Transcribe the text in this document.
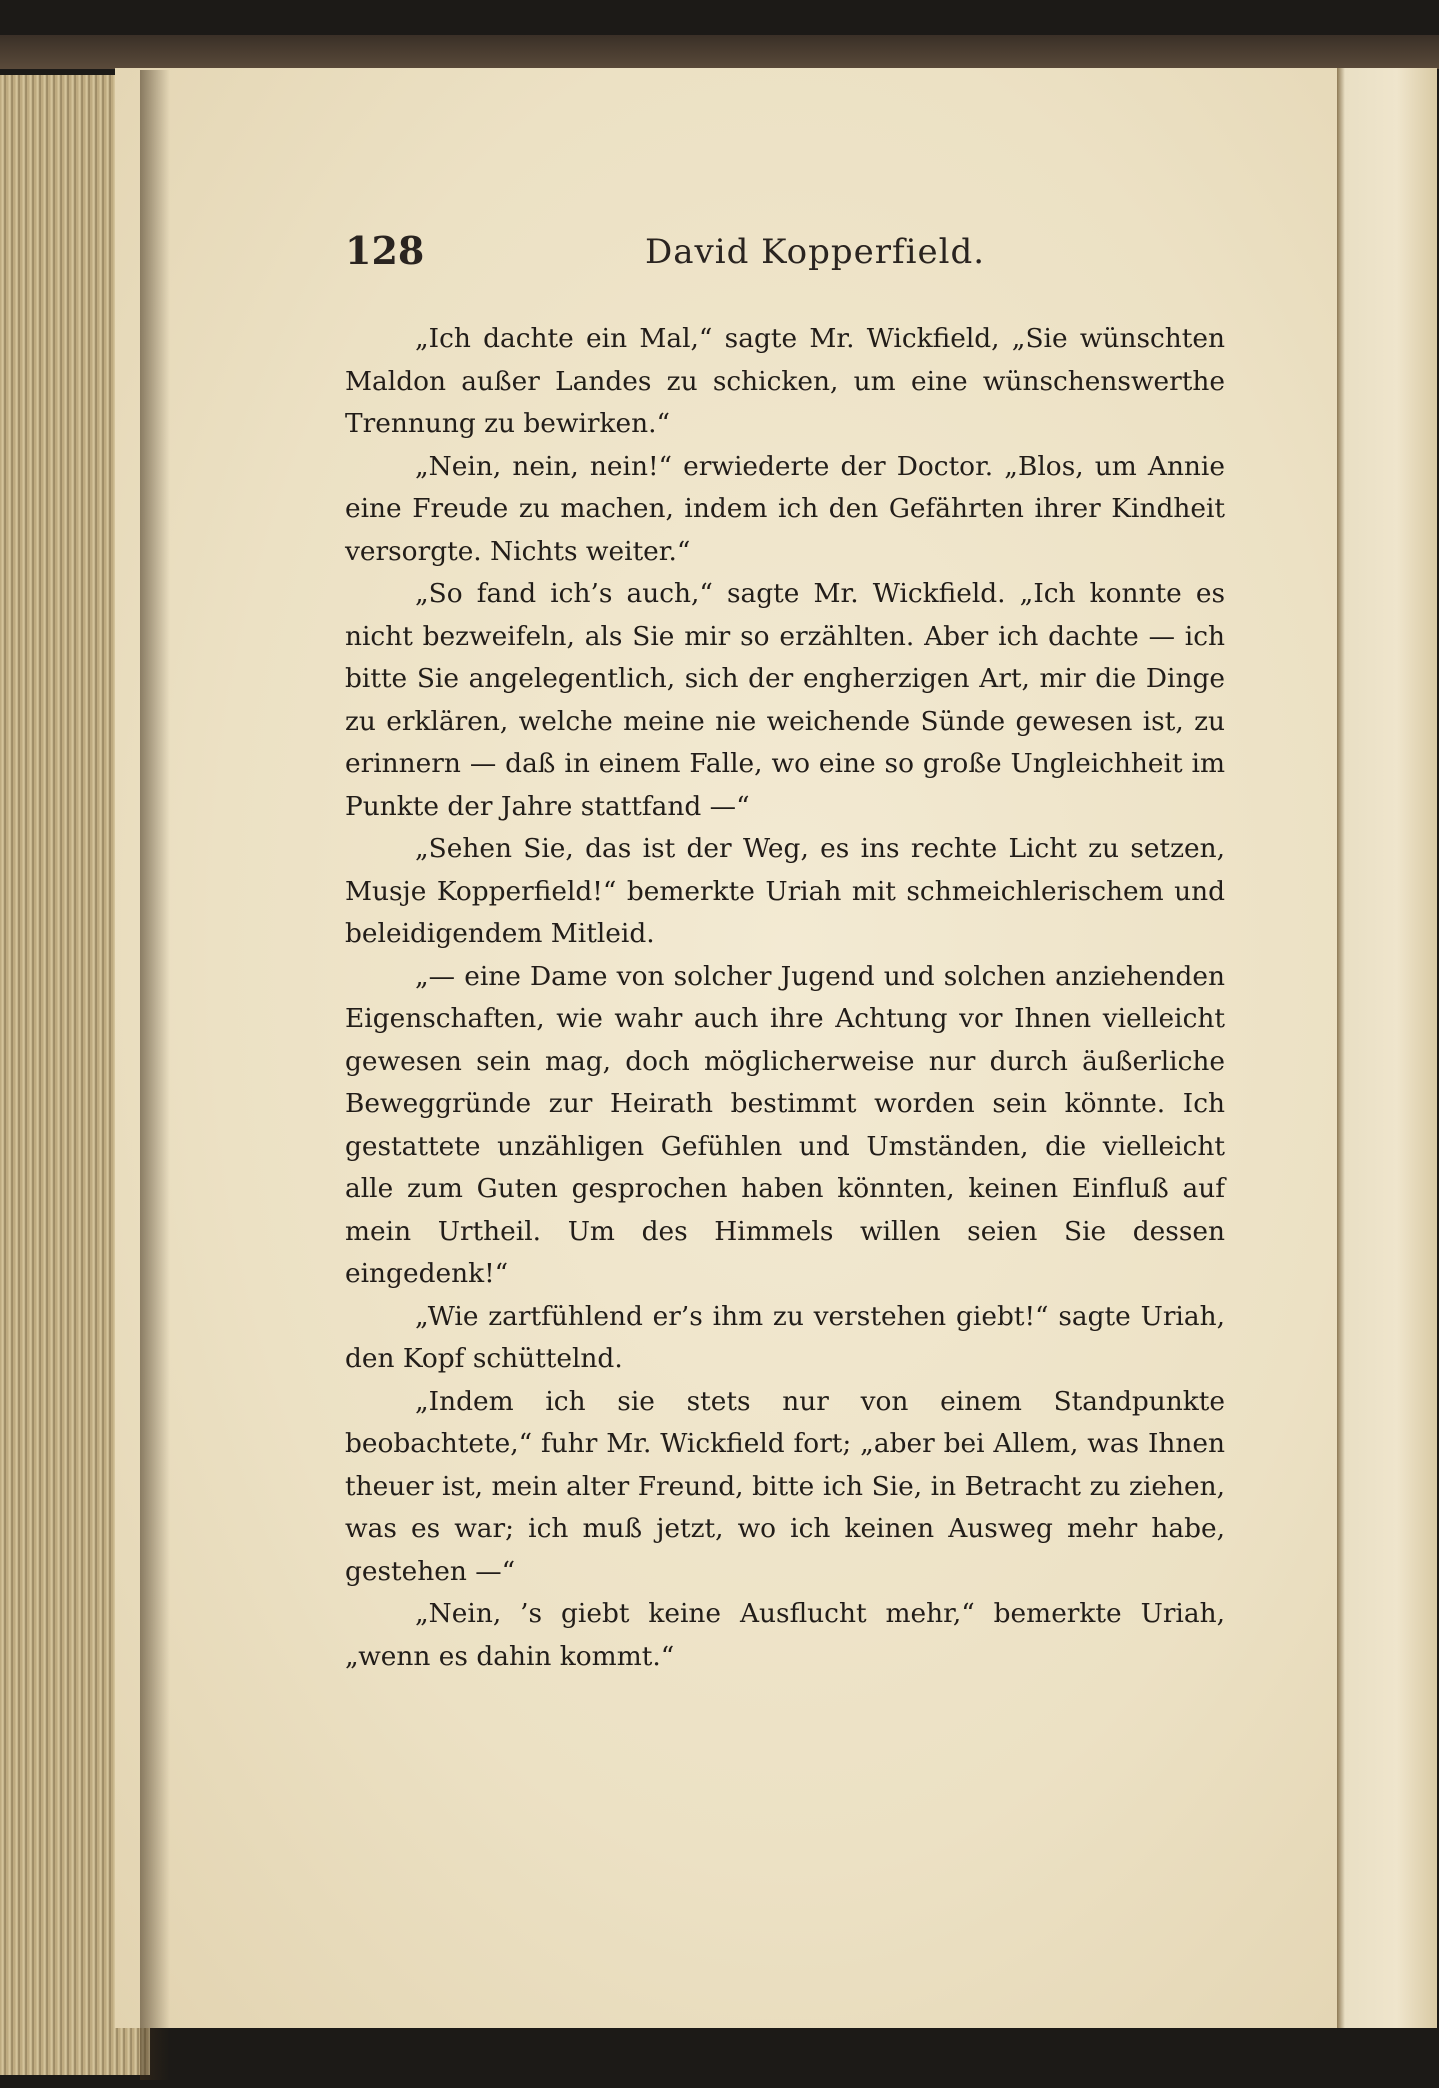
128	David Kopperfield.

„Ich dachte ein Mal,“ sagte Mr. Wickfield, „Sie wünschten Maldon außer Landes zu schicken, um eine wünschenswerthe Trennung zu bewirken.“

„Nein, nein, nein!“ erwiederte der Doctor. „Blos, um Annie eine Freude zu machen, indem ich den Gefährten ihrer Kindheit versorgte. Nichts weiter.“

„So fand ich’s auch,“ sagte Mr. Wickfield. „Ich konnte es nicht bezweifeln, als Sie mir so erzählten. Aber ich dachte — ich bitte Sie angelegentlich, sich der engherzigen Art, mir die Dinge zu erklären, welche meine nie weichende Sünde gewesen ist, zu erinnern — daß in einem Falle, wo eine so große Ungleichheit im Punkte der Jahre stattfand —“

„Sehen Sie, das ist der Weg, es ins rechte Licht zu setzen, Musje Kopperfield!“ bemerkte Uriah mit schmeichlerischem und beleidigendem Mitleid.

„— eine Dame von solcher Jugend und solchen anziehenden Eigenschaften, wie wahr auch ihre Achtung vor Ihnen vielleicht gewesen sein mag, doch möglicherweise nur durch äußerliche Beweggründe zur Heirath bestimmt worden sein könnte. Ich gestattete unzähligen Gefühlen und Umständen, die vielleicht alle zum Guten gesprochen haben könnten, keinen Einfluß auf mein Urtheil. Um des Himmels willen seien Sie dessen eingedenk!“

„Wie zartfühlend er’s ihm zu verstehen giebt!“ sagte Uriah, den Kopf schüttelnd.

„Indem ich sie stets nur von einem Standpunkte beobachtete,“ fuhr Mr. Wickfield fort; „aber bei Allem, was Ihnen theuer ist, mein alter Freund, bitte ich Sie, in Betracht zu ziehen, was es war; ich muß jetzt, wo ich keinen Ausweg mehr habe, gestehen —“

„Nein, ’s giebt keine Ausflucht mehr,“ bemerkte Uriah, „wenn es dahin kommt.“
